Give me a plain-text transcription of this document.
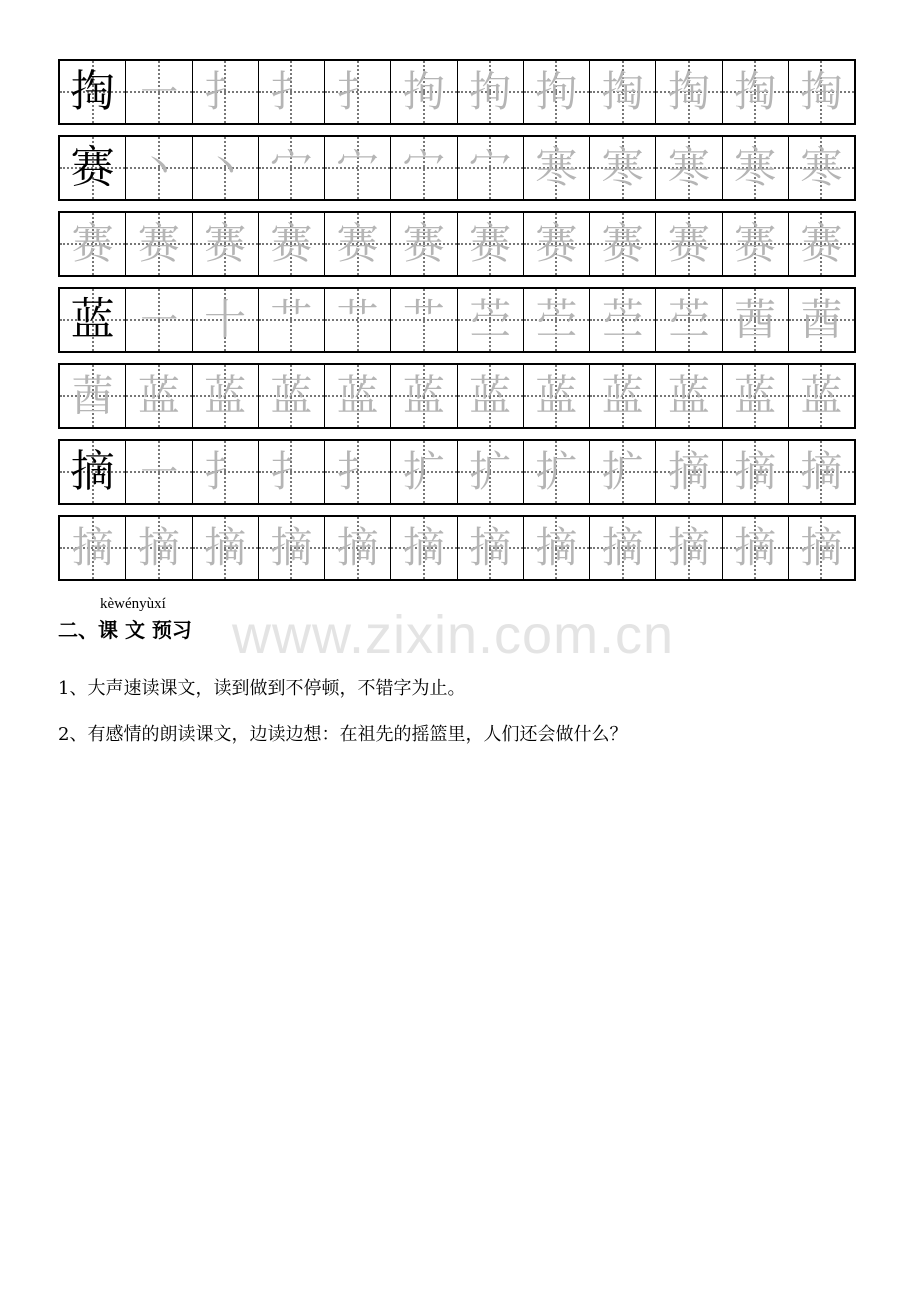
掏 ㇐ 扌 扌 扌 拘 拘 拘 掏 掏 掏 掏
赛 丶 丶 宀 宀 宀 宀 寒 寒 寒 寒 寒
赛 赛 赛 赛 赛 赛 赛 赛 赛 赛 赛 赛
蓝 ㇐ 十 艹 艹 艹 苎 苎 苎 苎 莤 莤
莤 蓝 蓝 蓝 蓝 蓝 蓝 蓝 蓝 蓝 蓝 蓝
摘 ㇐ 扌 扌 扌 扩 扩 扩 扩 摘 摘 摘
摘 摘 摘 摘 摘 摘 摘 摘 摘 摘 摘 摘
www.zixin.com.cn
kèwényùxí
二、课 文 预习
1、大声速读课文，读到做到不停顿，不错字为止。
2、有感情的朗读课文，边读边想：在祖先的摇篮里，人们还会做什么？
